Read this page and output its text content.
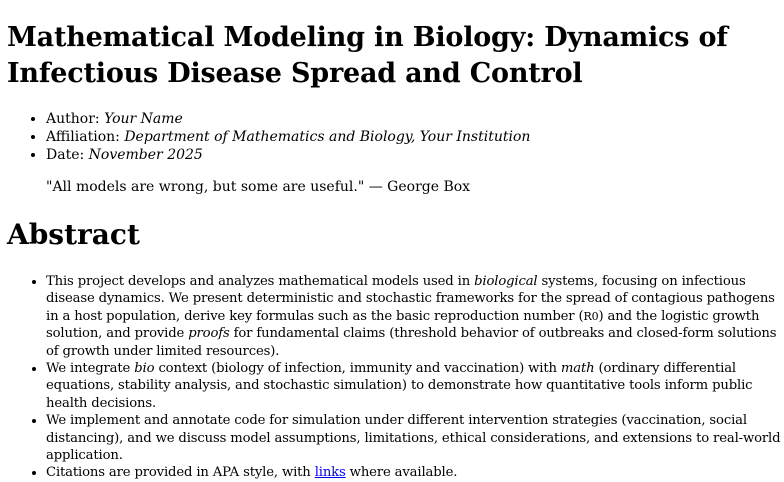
Mathematical Modeling in Biology: Dynamics of Infectious Disease Spread and Control
• Author: Your Name
• Affiliation: Department of Mathematics and Biology, Your Institution
• Date: November 2025

"All models are wrong, but some are useful." — George Box

Abstract
• This project develops and analyzes mathematical models used in biological systems, focusing on infectious disease dynamics. We present deterministic and stochastic frameworks for the spread of contagious pathogens in a host population, derive key formulas such as the basic reproduction number (R0) and the logistic growth solution, and provide proofs for fundamental claims (threshold behavior of outbreaks and closed-form solutions of growth under limited resources).
• We integrate bio context (biology of infection, immunity and vaccination) with math (ordinary differential equations, stability analysis, and stochastic simulation) to demonstrate how quantitative tools inform public health decisions.
• We implement and annotate code for simulation under different intervention strategies (vaccination, social distancing), and we discuss model assumptions, limitations, ethical considerations, and extensions to real-world application.
• Citations are provided in APA style, with links where available.
